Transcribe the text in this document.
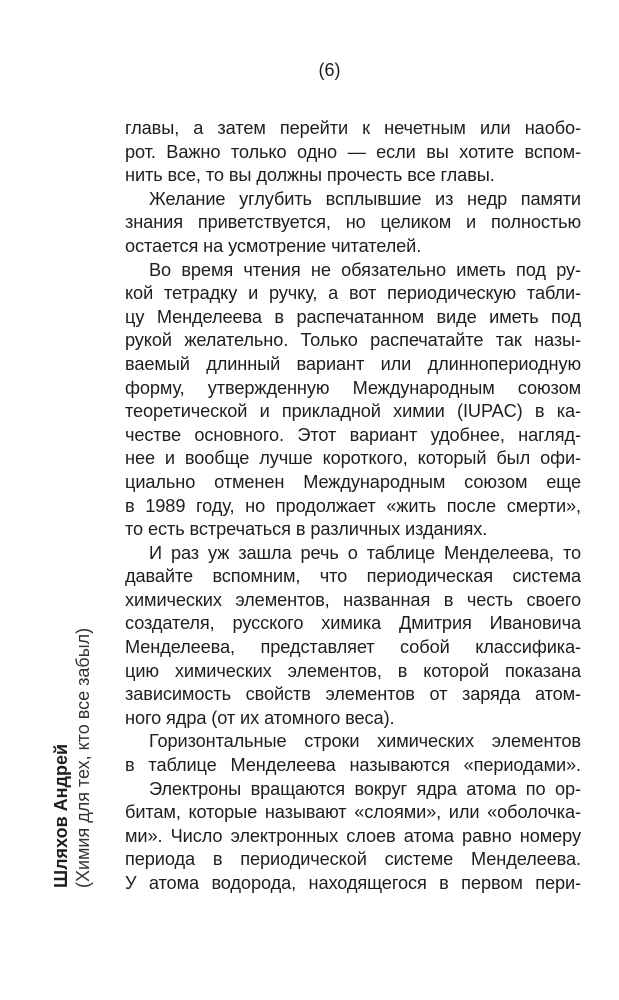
(6)
Шляхов Андрей (Химия для тех, кто все забыл)
главы, а затем перейти к нечетным или наобо-
рот. Важно только одно — если вы хотите вспом-
нить все, то вы должны прочесть все главы.
Желание углубить всплывшие из недр памяти
знания приветствуется, но целиком и полностью
остается на усмотрение читателей.
Во время чтения не обязательно иметь под ру-
кой тетрадку и ручку, а вот периодическую табли-
цу Менделеева в распечатанном виде иметь под
рукой желательно. Только распечатайте так назы-
ваемый длинный вариант или длиннопериодную
форму, утвержденную Международным союзом
теоретической и прикладной химии (IUPAC) в ка-
честве основного. Этот вариант удобнее, нагляд-
нее и вообще лучше короткого, который был офи-
циально отменен Международным союзом еще
в 1989 году, но продолжает «жить после смерти»,
то есть встречаться в различных изданиях.
И раз уж зашла речь о таблице Менделеева, то
давайте вспомним, что периодическая система
химических элементов, названная в честь своего
создателя, русского химика Дмитрия Ивановича
Менделеева, представляет собой классифика-
цию химических элементов, в которой показана
зависимость свойств элементов от заряда атом-
ного ядра (от их атомного веса).
Горизонтальные строки химических элементов
в таблице Менделеева называются «периодами».
Электроны вращаются вокруг ядра атома по ор-
битам, которые называют «слоями», или «оболочка-
ми». Число электронных слоев атома равно номеру
периода в периодической системе Менделеева.
У атома водорода, находящегося в первом пери-
